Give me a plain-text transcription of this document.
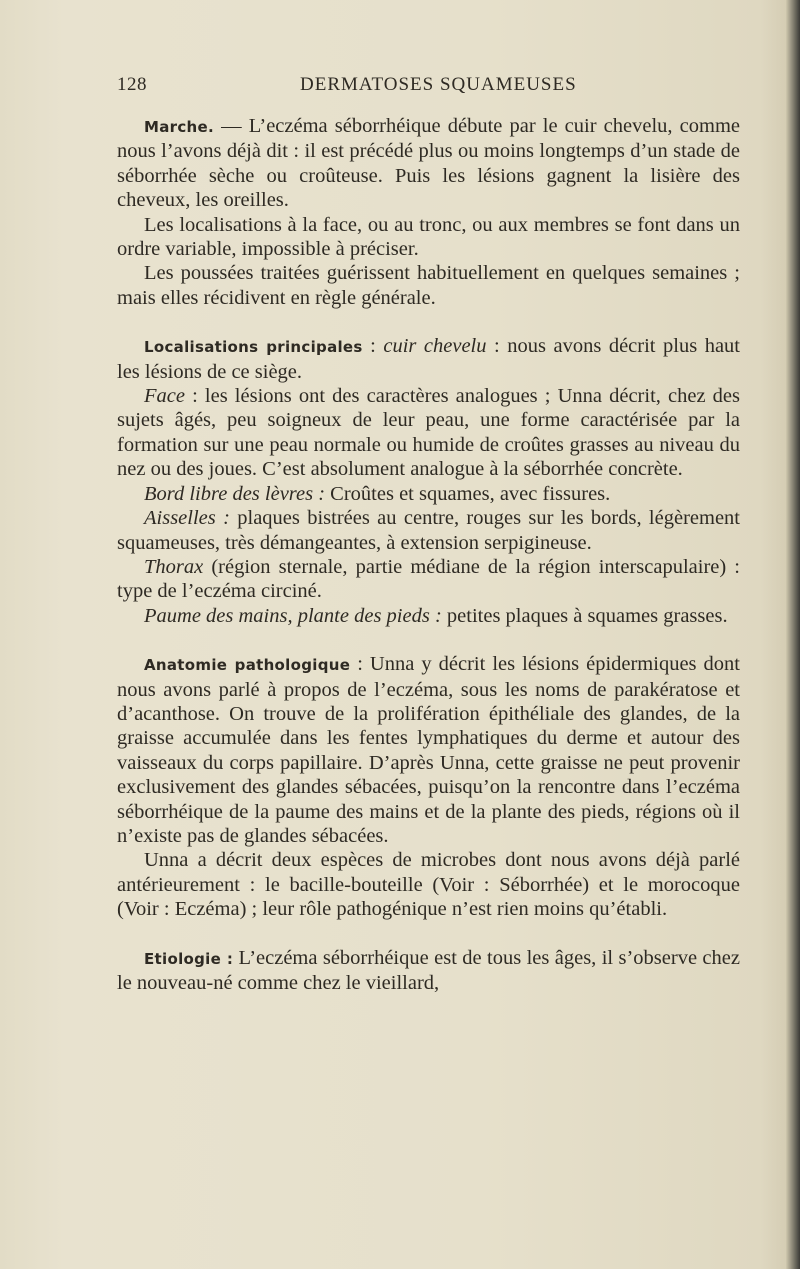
128	DERMATOSES SQUAMEUSES

Marche. — L’eczéma séborrhéique débute par le cuir chevelu, comme nous l’avons déjà dit : il est précédé plus ou moins longtemps d’un stade de séborrhée sèche ou croûteuse. Puis les lésions gagnent la lisière des cheveux, les oreilles.

Les localisations à la face, ou au tronc, ou aux membres se font dans un ordre variable, impossible à préciser.

Les poussées traitées guérissent habituellement en quelques semaines ; mais elles récidivent en règle générale.

Localisations principales : cuir chevelu : nous avons décrit plus haut les lésions de ce siège.

Face : les lésions ont des caractères analogues ; Unna décrit, chez des sujets âgés, peu soigneux de leur peau, une forme caractérisée par la formation sur une peau normale ou humide de croûtes grasses au niveau du nez ou des joues. C’est absolument analogue à la séborrhée concrète.

Bord libre des lèvres : Croûtes et squames, avec fissures.

Aisselles : plaques bistrées au centre, rouges sur les bords, légèrement squameuses, très démangeantes, à extension serpigineuse.

Thorax (région sternale, partie médiane de la région interscapulaire) : type de l’eczéma circiné.

Paume des mains, plante des pieds : petites plaques à squames grasses.

Anatomie pathologique : Unna y décrit les lésions épidermiques dont nous avons parlé à propos de l’eczéma, sous les noms de parakératose et d’acanthose. On trouve de la prolifération épithéliale des glandes, de la graisse accumulée dans les fentes lymphatiques du derme et autour des vaisseaux du corps papillaire. D’après Unna, cette graisse ne peut provenir exclusivement des glandes sébacées, puisqu’on la rencontre dans l’eczéma séborrhéique de la paume des mains et de la plante des pieds, régions où il n’existe pas de glandes sébacées.

Unna a décrit deux espèces de microbes dont nous avons déjà parlé antérieurement : le bacille-bouteille (Voir : Séborrhée) et le morocoque (Voir : Eczéma) ; leur rôle pathogénique n’est rien moins qu’établi.

Etiologie : L’eczéma séborrhéique est de tous les âges, il s’observe chez le nouveau-né comme chez le vieillard,
